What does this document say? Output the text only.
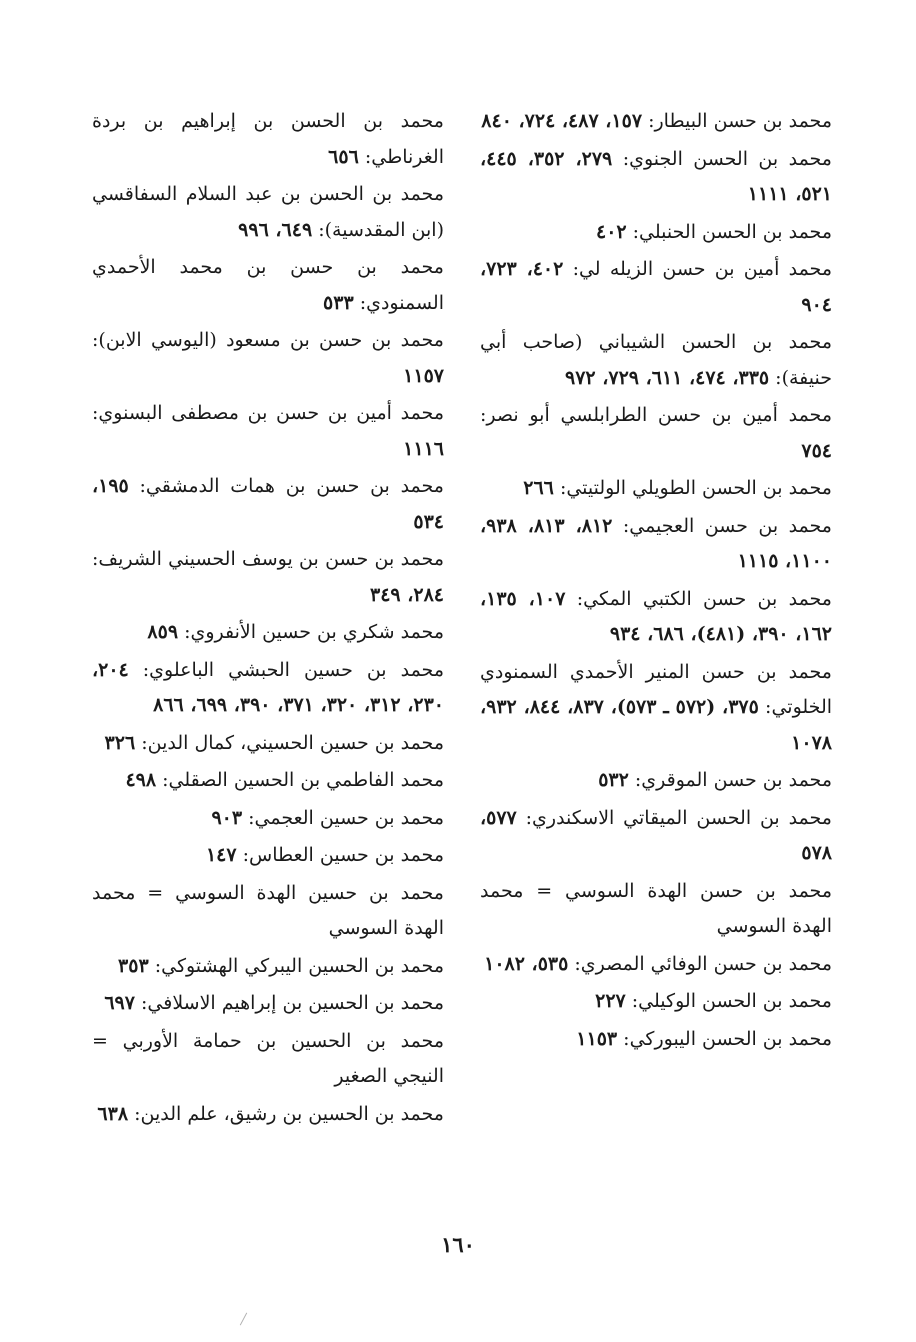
محمد بن حسن البيطار: ١٥٧، ٤٨٧، ٧٢٤، ٨٤٠
محمد بن الحسن الجنوي: ٢٧٩، ٣٥٢، ٤٤٥، ٥٢١، ١١١١
محمد بن الحسن الحنبلي: ٤٠٢
محمد أمين بن حسن الزيله لي: ٤٠٢، ٧٢٣، ٩٠٤
محمد بن الحسن الشيباني (صاحب أبي حنيفة): ٣٣٥، ٤٧٤، ٦١١، ٧٢٩، ٩٧٢
محمد أمين بن حسن الطرابلسي أبو نصر: ٧٥٤
محمد بن الحسن الطويلي الولتيتي: ٢٦٦
محمد بن حسن العجيمي: ٨١٢، ٨١٣، ٩٣٨، ١١٠٠، ١١١٥
محمد بن حسن الكتبي المكي: ١٠٧، ١٣٥، ١٦٢، ٣٩٠، (٤٨١)، ٦٨٦، ٩٣٤
محمد بن حسن المنير الأحمدي السمنودي الخلوتي: ٣٧٥، (٥٧٢ ـ ٥٧٣)، ٨٣٧، ٨٤٤، ٩٣٢، ١٠٧٨
محمد بن حسن الموقري: ٥٣٢
محمد بن الحسن الميقاتي الاسكندري: ٥٧٧، ٥٧٨
محمد بن حسن الهدة السوسي = محمد الهدة السوسي
محمد بن حسن الوفائي المصري: ٥٣٥، ١٠٨٢
محمد بن الحسن الوكيلي: ٢٢٧
محمد بن الحسن اليبوركي: ١١٥٣
محمد بن الحسن بن إبراهيم بن بردة الغرناطي: ٦٥٦
محمد بن الحسن بن عبد السلام السفاقسي (ابن المقدسية): ٦٤٩، ٩٩٦
محمد بن حسن بن محمد الأحمدي السمنودي: ٥٣٣
محمد بن حسن بن مسعود (اليوسي الابن): ١١٥٧
محمد أمين بن حسن بن مصطفى البسنوي: ١١١٦
محمد بن حسن بن همات الدمشقي: ١٩٥، ٥٣٤
محمد بن حسن بن يوسف الحسيني الشريف: ٢٨٤، ٣٤٩
محمد شكري بن حسين الأنفروي: ٨٥٩
محمد بن حسين الحبشي الباعلوي: ٢٠٤، ٢٣٠، ٣١٢، ٣٢٠، ٣٧١، ٣٩٠، ٦٩٩، ٨٦٦
محمد بن حسين الحسيني، كمال الدين: ٣٢٦
محمد الفاطمي بن الحسين الصقلي: ٤٩٨
محمد بن حسين العجمي: ٩٠٣
محمد بن حسين العطاس: ١٤٧
محمد بن حسين الهدة السوسي = محمد الهدة السوسي
محمد بن الحسين اليبركي الهشتوكي: ٣٥٣
محمد بن الحسين بن إبراهيم الاسلافي: ٦٩٧
محمد بن الحسين بن حمامة الأوربي = النيجي الصغير
محمد بن الحسين بن رشيق، علم الدين: ٦٣٨
١٦٠
